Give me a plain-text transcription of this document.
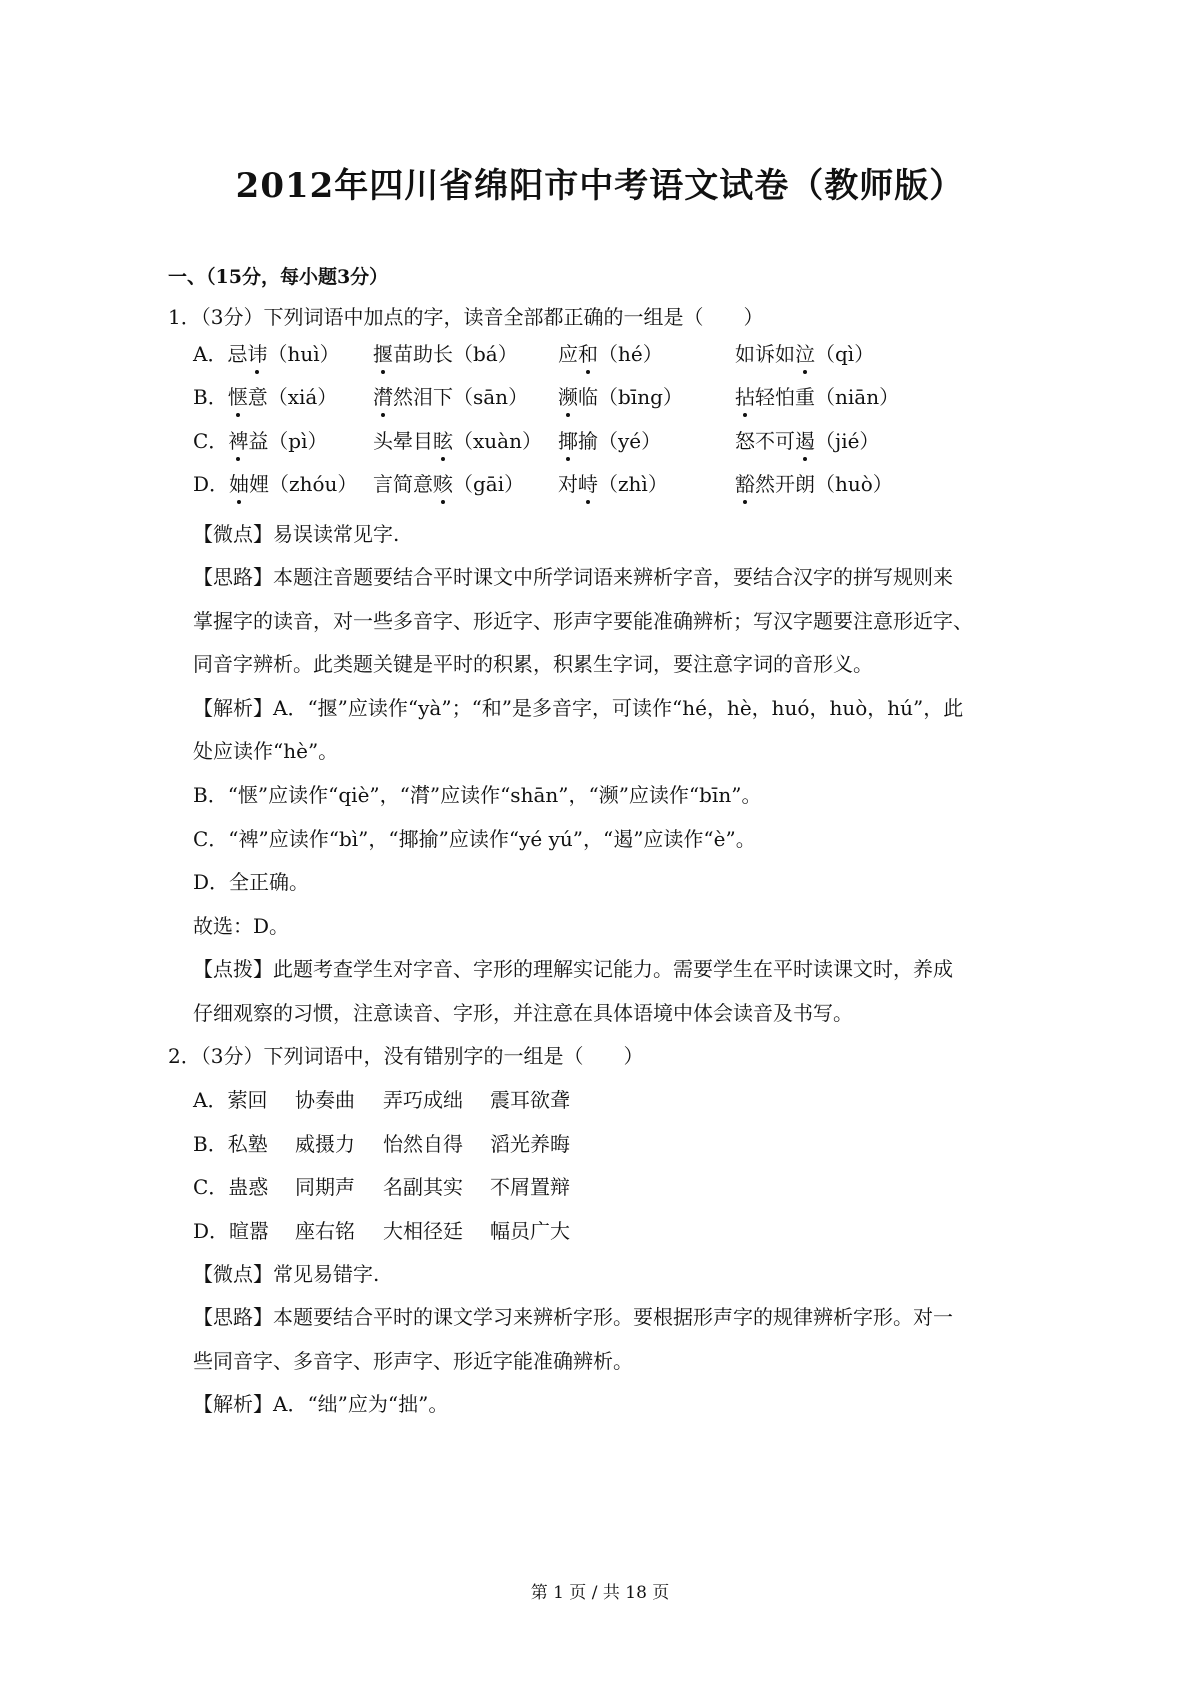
2012年四川省绵阳市中考语文试卷（教师版）
一、（15分，每小题3分）
1．（3分）下列词语中加点的字，读音全部都正确的一组是（　　）
A．忌讳（huì） 揠苗助长（bá） 应和（hé）	如诉如泣（qì）
B．惬意（xiá） 潸然泪下（sān） 濒临（bīng）	拈轻怕重（niān）
C．裨益（pì） 头晕目眩（xuàn） 揶揄（yé）	怒不可遏（jié）
D．妯娌（zhóu） 言简意赅（gāi） 对峙（zhì）	豁然开朗（huò）
【微点】易误读常见字.
【思路】本题注音题要结合平时课文中所学词语来辨析字音，要结合汉字的拼写规则来
掌握字的读音，对一些多音字、形近字、形声字要能准确辨析；写汉字题要注意形近字、
同音字辨析。此类题关键是平时的积累，积累生字词，要注意字词的音形义。
【解析】A．“揠”应读作“yà”；“和”是多音字，可读作“hé，hè，huó，huò，hú”，此
处应读作“hè”。
B．“惬”应读作“qiè”，“潸”应读作“shān”，“濒”应读作“bīn”。
C．“裨”应读作“bì”，“揶揄”应读作“yé yú”，“遏”应读作“è”。
D．全正确。
故选：D。
【点拨】此题考查学生对字音、字形的理解实记能力。需要学生在平时读课文时，养成
仔细观察的习惯，注意读音、字形，并注意在具体语境中体会读音及书写。
2．（3分）下列词语中，没有错别字的一组是（　　）
A．萦回 协奏曲 弄巧成绌 震耳欲聋
B．私塾 威摄力 怡然自得 滔光养晦
C．蛊惑 同期声 名副其实 不屑置辩
D．暄嚣 座右铭 大相径廷 幅员广大
【微点】常见易错字.
【思路】本题要结合平时的课文学习来辨析字形。要根据形声字的规律辨析字形。对一
些同音字、多音字、形声字、形近字能准确辨析。
【解析】A．“绌”应为“拙”。
第 1 页 / 共 18 页
